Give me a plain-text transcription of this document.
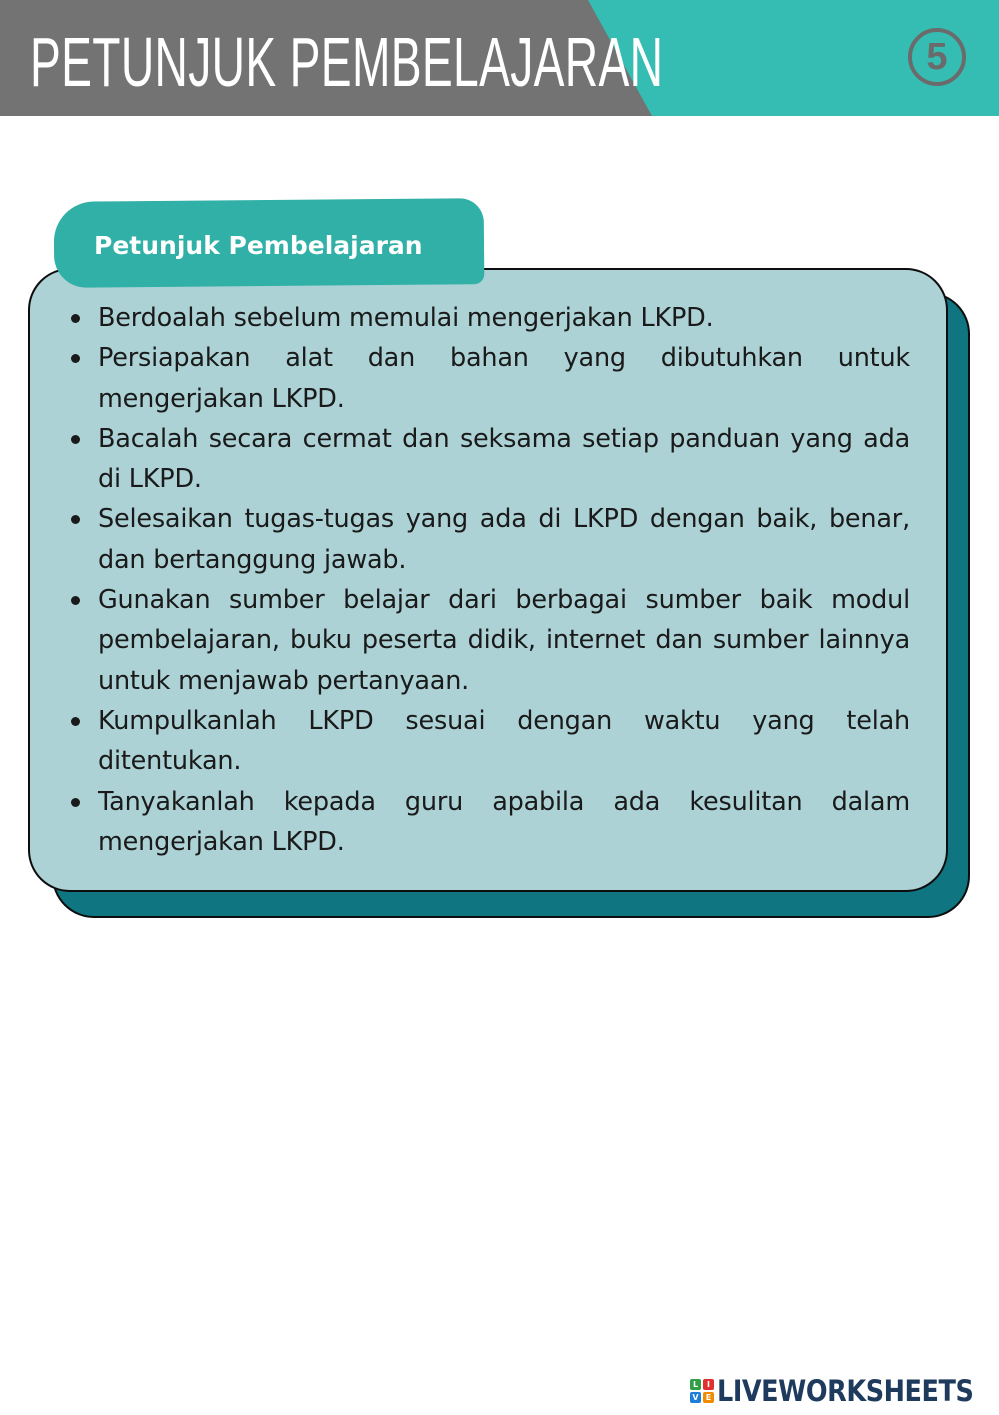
PETUNJUK PEMBELAJARAN	5
Petunjuk Pembelajaran
Berdoalah sebelum memulai mengerjakan LKPD.
Persiapakan alat dan bahan yang dibutuhkan untuk mengerjakan LKPD.
Bacalah secara cermat dan seksama setiap panduan yang ada di LKPD.
Selesaikan tugas-tugas yang ada di LKPD dengan baik, benar, dan bertanggung jawab.
Gunakan sumber belajar dari berbagai sumber baik modul pembelajaran, buku peserta didik, internet dan sumber lainnya untuk menjawab pertanyaan.
Kumpulkanlah LKPD sesuai dengan waktu yang telah ditentukan.
Tanyakanlah kepada guru apabila ada kesulitan dalam mengerjakan LKPD.
L	I
V E LIVEWORKSHEETS
